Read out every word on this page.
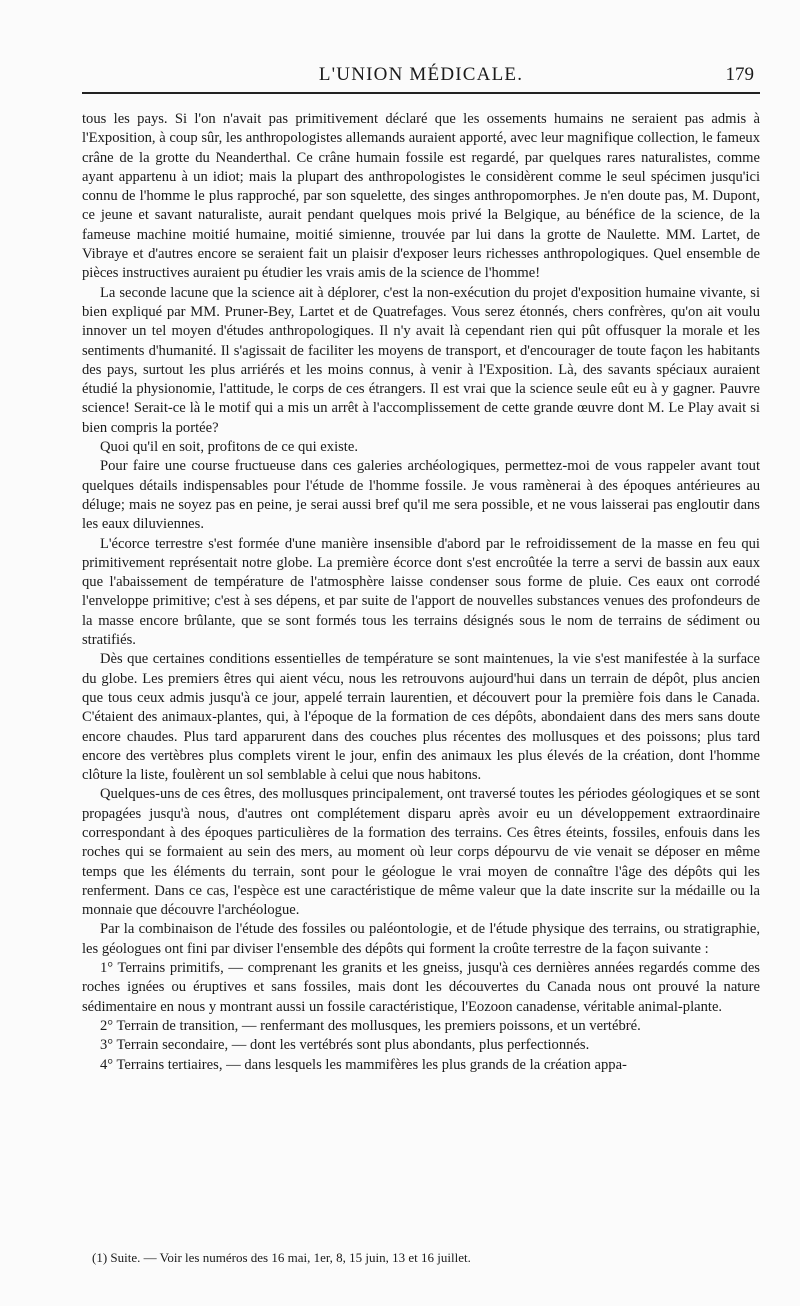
L'UNION MÉDICALE.	179

tous les pays. Si l'on n'avait pas primitivement déclaré que les ossements humains ne seraient pas admis à l'Exposition, à coup sûr, les anthropologistes allemands auraient apporté, avec leur magnifique collection, le fameux crâne de la grotte du Neanderthal. Ce crâne humain fossile est regardé, par quelques rares naturalistes, comme ayant appartenu à un idiot; mais la plupart des anthropologistes le considèrent comme le seul spécimen jusqu'ici connu de l'homme le plus rapproché, par son squelette, des singes anthropomorphes. Je n'en doute pas, M. Dupont, ce jeune et savant naturaliste, aurait pendant quelques mois privé la Belgique, au bénéfice de la science, de la fameuse machine moitié humaine, moitié simienne, trouvée par lui dans la grotte de Naulette. MM. Lartet, de Vibraye et d'autres encore se seraient fait un plaisir d'exposer leurs richesses anthropologiques. Quel ensemble de pièces instructives auraient pu étudier les vrais amis de la science de l'homme!

La seconde lacune que la science ait à déplorer, c'est la non-exécution du projet d'exposition humaine vivante, si bien expliqué par MM. Pruner-Bey, Lartet et de Quatrefages. Vous serez étonnés, chers confrères, qu'on ait voulu innover un tel moyen d'études anthropologiques. Il n'y avait là cependant rien qui pût offusquer la morale et les sentiments d'humanité. Il s'agissait de faciliter les moyens de transport, et d'encourager de toute façon les habitants des pays, surtout les plus arriérés et les moins connus, à venir à l'Exposition. Là, des savants spéciaux auraient étudié la physionomie, l'attitude, le corps de ces étrangers. Il est vrai que la science seule eût eu à y gagner. Pauvre science! Serait-ce là le motif qui a mis un arrêt à l'accomplissement de cette grande œuvre dont M. Le Play avait si bien compris la portée?

Quoi qu'il en soit, profitons de ce qui existe.

Pour faire une course fructueuse dans ces galeries archéologiques, permettez-moi de vous rappeler avant tout quelques détails indispensables pour l'étude de l'homme fossile. Je vous ramènerai à des époques antérieures au déluge; mais ne soyez pas en peine, je serai aussi bref qu'il me sera possible, et ne vous laisserai pas engloutir dans les eaux diluviennes.

L'écorce terrestre s'est formée d'une manière insensible d'abord par le refroidissement de la masse en feu qui primitivement représentait notre globe. La première écorce dont s'est encroûtée la terre a servi de bassin aux eaux que l'abaissement de température de l'atmosphère laisse condenser sous forme de pluie. Ces eaux ont corrodé l'enveloppe primitive; c'est à ses dépens, et par suite de l'apport de nouvelles substances venues des profondeurs de la masse encore brûlante, que se sont formés tous les terrains désignés sous le nom de terrains de sédiment ou stratifiés.

Dès que certaines conditions essentielles de température se sont maintenues, la vie s'est manifestée à la surface du globe. Les premiers êtres qui aient vécu, nous les retrouvons aujourd'hui dans un terrain de dépôt, plus ancien que tous ceux admis jusqu'à ce jour, appelé terrain laurentien, et découvert pour la première fois dans le Canada. C'étaient des animaux-plantes, qui, à l'époque de la formation de ces dépôts, abondaient dans des mers sans doute encore chaudes. Plus tard apparurent dans des couches plus récentes des mollusques et des poissons; plus tard encore des vertèbres plus complets virent le jour, enfin des animaux les plus élevés de la création, dont l'homme clôture la liste, foulèrent un sol semblable à celui que nous habitons.

Quelques-uns de ces êtres, des mollusques principalement, ont traversé toutes les périodes géologiques et se sont propagées jusqu'à nous, d'autres ont complétement disparu après avoir eu un développement extraordinaire correspondant à des époques particulières de la formation des terrains. Ces êtres éteints, fossiles, enfouis dans les roches qui se formaient au sein des mers, au moment où leur corps dépourvu de vie venait se déposer en même temps que les éléments du terrain, sont pour le géologue le vrai moyen de connaître l'âge des dépôts qui les renferment. Dans ce cas, l'espèce est une caractéristique de même valeur que la date inscrite sur la médaille ou la monnaie que découvre l'archéologue.

Par la combinaison de l'étude des fossiles ou paléontologie, et de l'étude physique des terrains, ou stratigraphie, les géologues ont fini par diviser l'ensemble des dépôts qui forment la croûte terrestre de la façon suivante :

1° Terrains primitifs, — comprenant les granits et les gneiss, jusqu'à ces dernières années regardés comme des roches ignées ou éruptives et sans fossiles, mais dont les découvertes du Canada nous ont prouvé la nature sédimentaire en nous y montrant aussi un fossile caractéristique, l'Eozoon canadense, véritable animal-plante.

2° Terrain de transition, — renfermant des mollusques, les premiers poissons, et un vertébré.

3° Terrain secondaire, — dont les vertébrés sont plus abondants, plus perfectionnés.

4° Terrains tertiaires, — dans lesquels les mammifères les plus grands de la création appa-

(1) Suite. — Voir les numéros des 16 mai, 1er, 8, 15 juin, 13 et 16 juillet.
